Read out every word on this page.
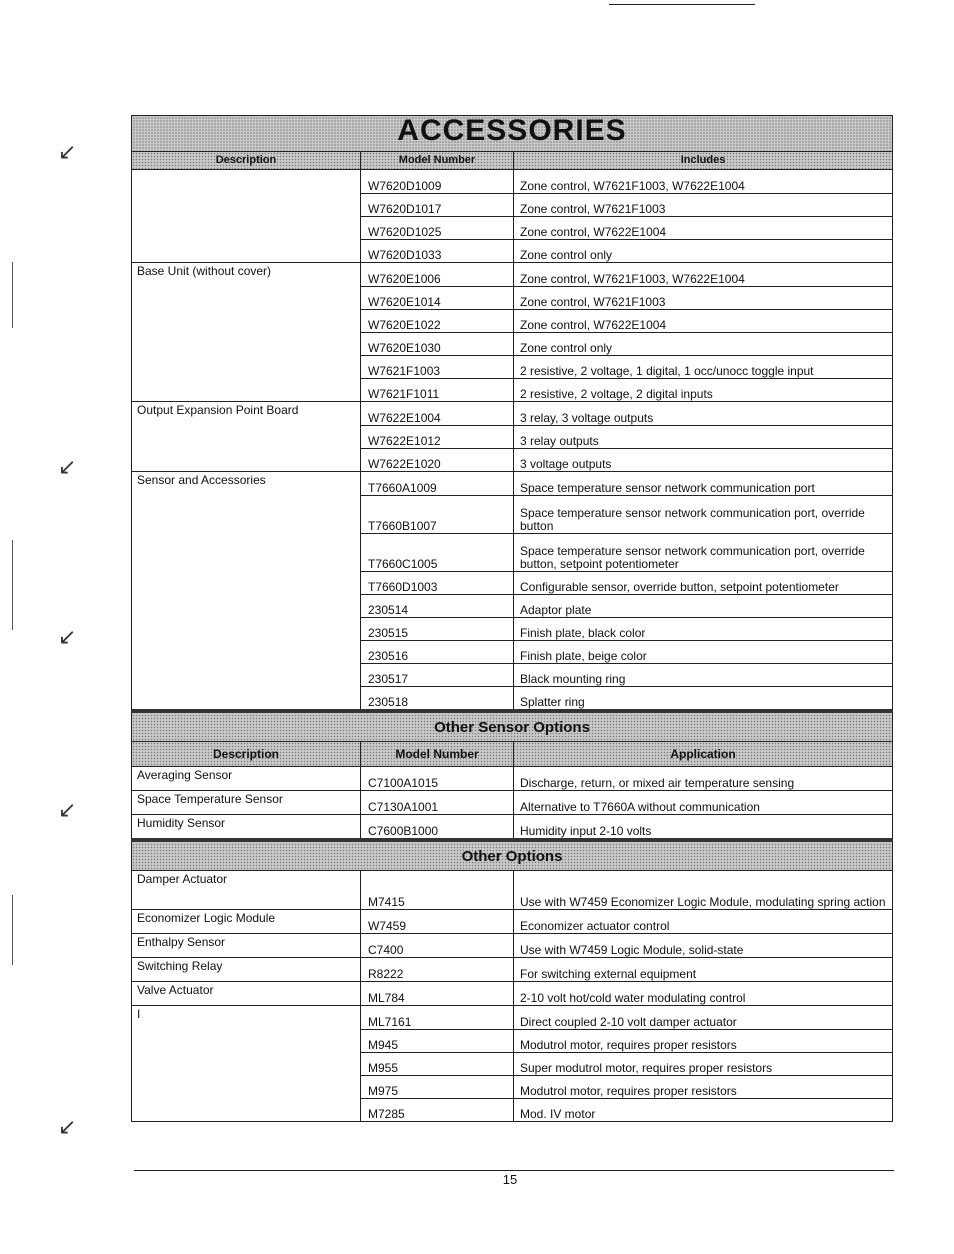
↙
↙
↙
↙
↙
ACCESSORIES		
Description	Model Number	Includes
	W7620D1009	Zone control, W7621F1003, W7622E1004
	W7620D1017	Zone control, W7621F1003
	W7620D1025	Zone control, W7622E1004
	W7620D1033	Zone control only
Base Unit (without cover)	W7620E1006	Zone control, W7621F1003, W7622E1004
	W7620E1014	Zone control, W7621F1003
	W7620E1022	Zone control, W7622E1004
	W7620E1030	Zone control only
	W7621F1003	2 resistive, 2 voltage, 1 digital, 1 occ/unocc toggle input
	W7621F1011	2 resistive, 2 voltage, 2 digital inputs
Output Expansion Point Board	W7622E1004	3 relay, 3 voltage outputs
	W7622E1012	3 relay outputs
	W7622E1020	3 voltage outputs
Sensor and Accessories	T7660A1009	Space temperature sensor network communication port
	T7660B1007	Space temperature sensor network communication port, override button
	T7660C1005	Space temperature sensor network communication port, override button, setpoint potentiometer
	T7660D1003	Configurable sensor, override button, setpoint potentiometer
	230514	Adaptor plate
	230515	Finish plate, black color
	230516	Finish plate, beige color
	230517	Black mounting ring
	230518	Splatter ring
Other Sensor Options		
Description	Model Number	Application
Averaging Sensor	C7100A1015	Discharge, return, or mixed air temperature sensing
Space Temperature Sensor	C7130A1001	Alternative to T7660A without communication
Humidity Sensor	C7600B1000	Humidity input 2-10 volts
Other Options		
Damper Actuator	M7415	Use with W7459 Economizer Logic Module, modulating spring action
Economizer Logic Module	W7459	Economizer actuator control
Enthalpy Sensor	C7400	Use with W7459 Logic Module, solid-state
Switching Relay	R8222	For switching external equipment
Valve Actuator	ML784	2-10 volt hot/cold water modulating control
I	ML7161	Direct coupled 2-10 volt damper actuator
	M945	Modutrol motor, requires proper resistors
	M955	Super modutrol motor, requires proper resistors
	M975	Modutrol motor, requires proper resistors
	M7285	Mod. IV motor
15
